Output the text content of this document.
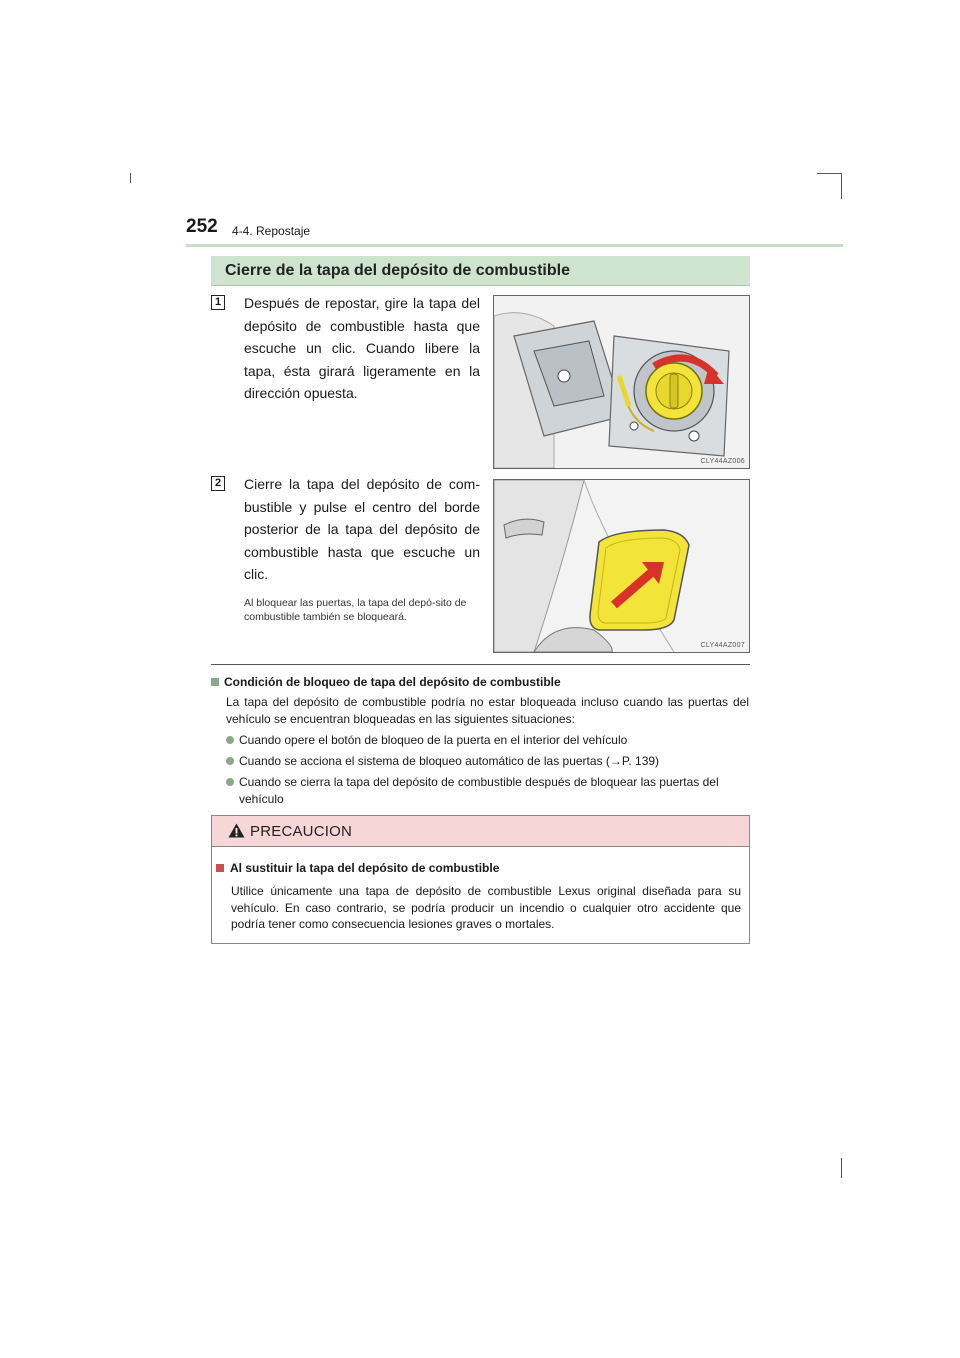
252 4-4. Repostaje
Cierre de la tapa del depósito de combustible
1 Después de repostar, gire la tapa del depósito de combustible hasta que escuche un clic. Cuando libere la tapa, ésta girará ligeramente en la dirección opuesta.
CLY44AZ006
2 Cierre la tapa del depósito de com-bustible y pulse el centro del borde posterior de la tapa del depósito de combustible hasta que escuche un clic.
Al bloquear las puertas, la tapa del depó-sito de combustible también se bloqueará.
CLY44AZ007
Condición de bloqueo de tapa del depósito de combustible
La tapa del depósito de combustible podría no estar bloqueada incluso cuando las puertas del vehículo se encuentran bloqueadas en las siguientes situaciones:
Cuando opere el botón de bloqueo de la puerta en el interior del vehículo
Cuando se acciona el sistema de bloqueo automático de las puertas (→P. 139)
Cuando se cierra la tapa del depósito de combustible después de bloquear las puertas del vehículo
PRECAUCION
Al sustituir la tapa del depósito de combustible
Utilice únicamente una tapa de depósito de combustible Lexus original diseñada para su vehículo. En caso contrario, se podría producir un incendio o cualquier otro accidente que podría tener como consecuencia lesiones graves o mortales.
